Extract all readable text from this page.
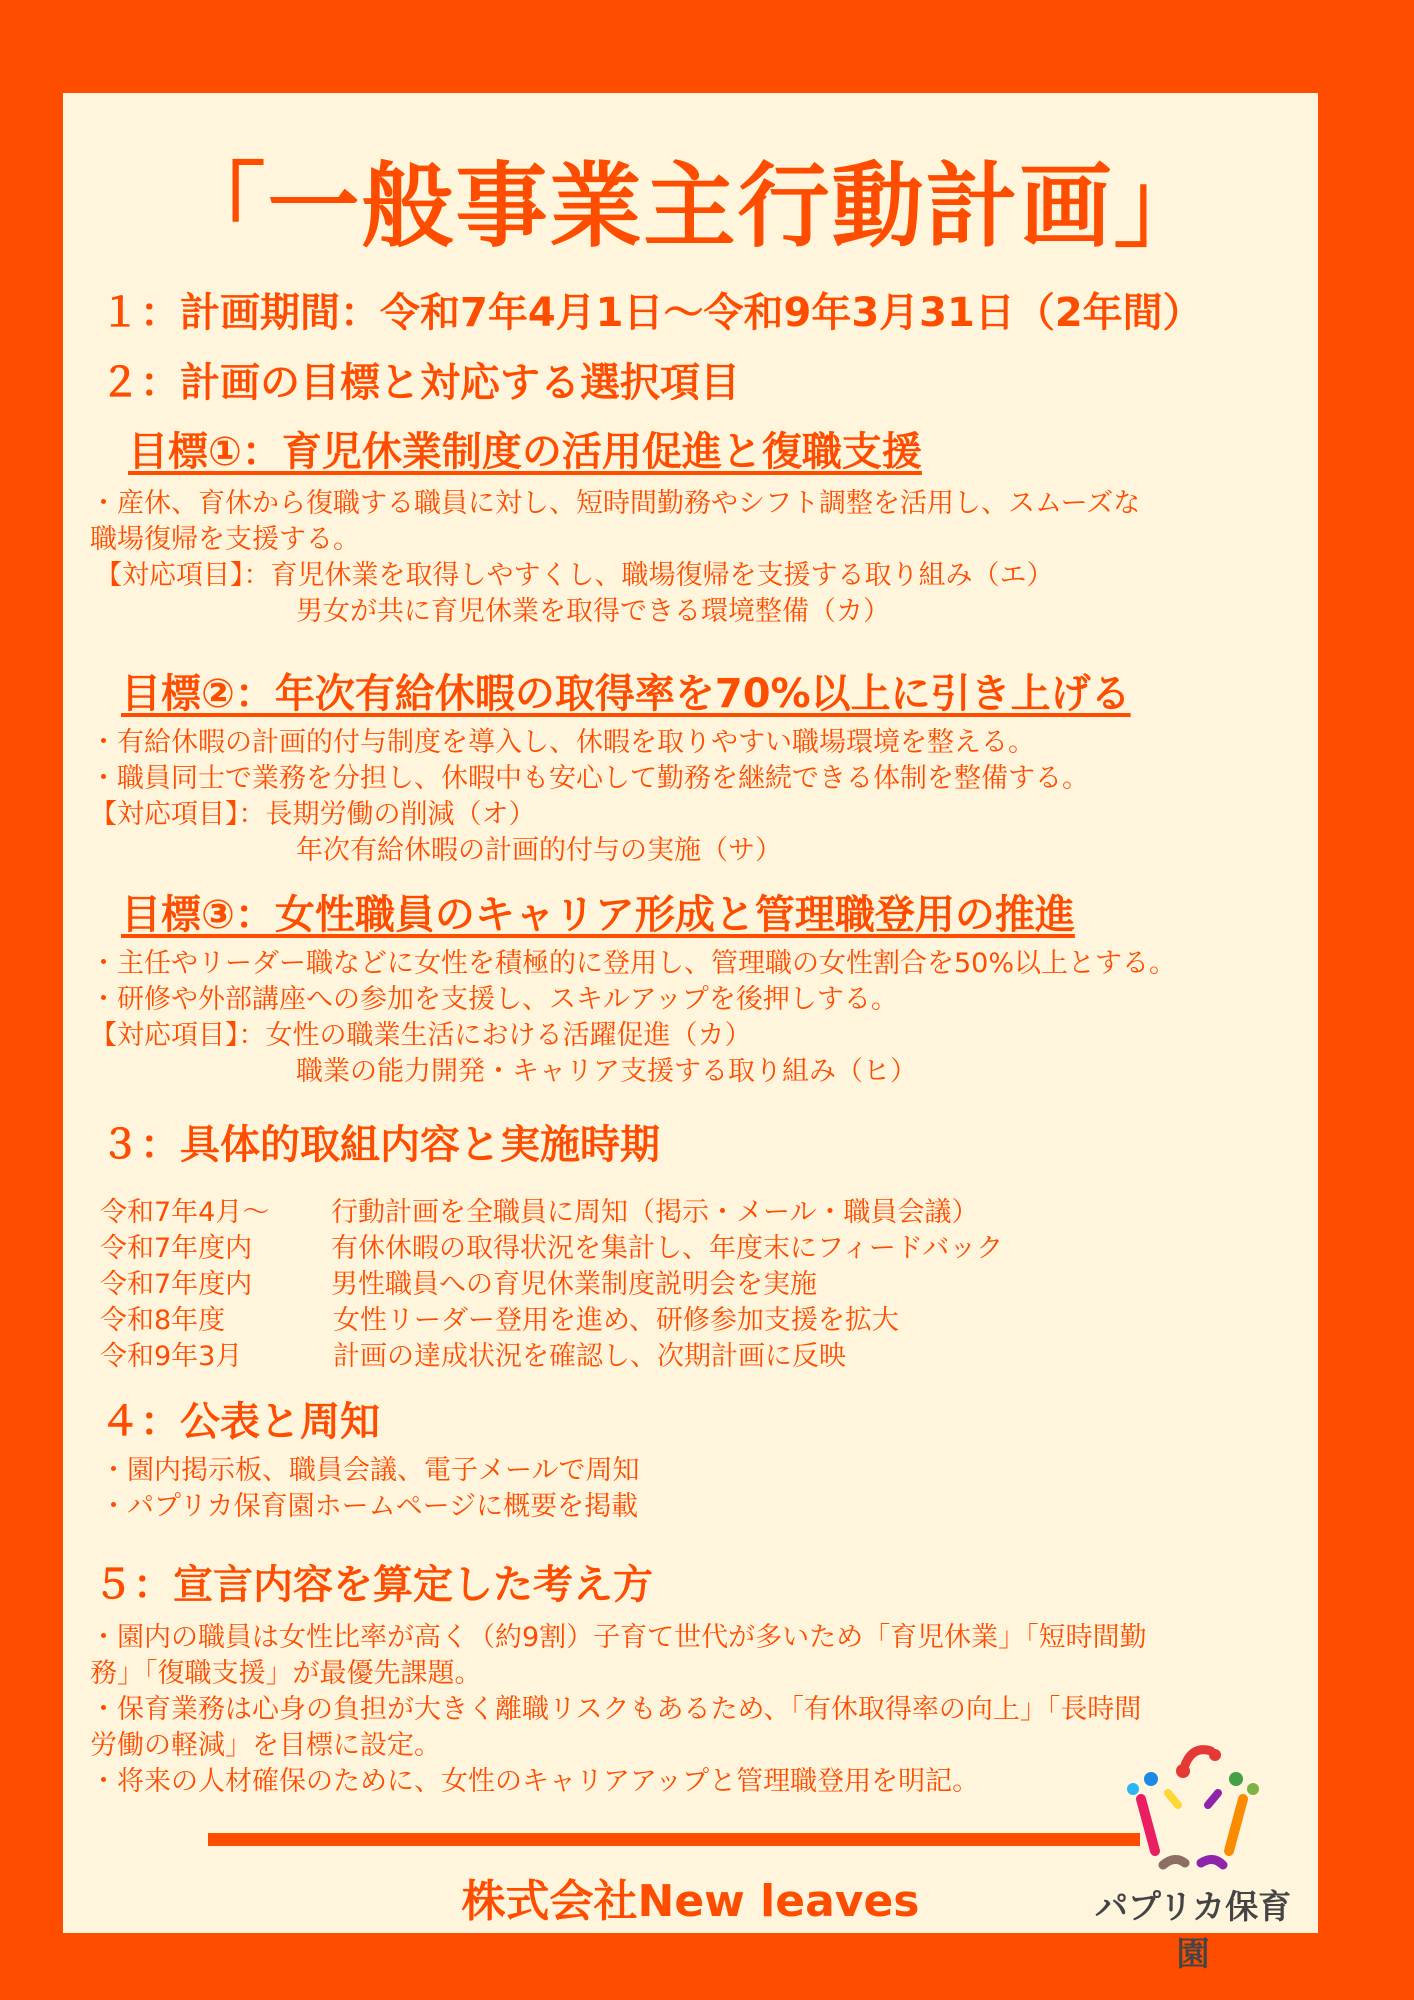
「一般事業主行動計画」
１：計画期間：令和7年4月1日～令和9年3月31日（2年間）
２：計画の目標と対応する選択項目
目標①：育児休業制度の活用促進と復職支援
・産休、育休から復職する職員に対し、短時間勤務やシフト調整を活用し、スムーズな
職場復帰を支援する。
【対応項目】：育児休業を取得しやすくし、職場復帰を支援する取り組み（エ）
男女が共に育児休業を取得できる環境整備（カ）
目標②：年次有給休暇の取得率を70%以上に引き上げる
・有給休暇の計画的付与制度を導入し、休暇を取りやすい職場環境を整える。
・職員同士で業務を分担し、休暇中も安心して勤務を継続できる体制を整備する。
【対応項目】：長期労働の削減（オ）
年次有給休暇の計画的付与の実施（サ）
目標③：女性職員のキャリア形成と管理職登用の推進
・主任やリーダー職などに女性を積極的に登用し、管理職の女性割合を50%以上とする。
・研修や外部講座への参加を支援し、スキルアップを後押しする。
【対応項目】：女性の職業生活における活躍促進（カ）
職業の能力開発・キャリア支援する取り組み（ヒ）
３：具体的取組内容と実施時期
令和7年4月～ 行動計画を全職員に周知（掲示・メール・職員会議）
令和7年度内	有休休暇の取得状況を集計し、年度末にフィードバック
令和7年度内	男性職員への育児休業制度説明会を実施
令和8年度	女性リーダー登用を進め、研修参加支援を拡大
令和9年3月	計画の達成状況を確認し、次期計画に反映
４：公表と周知
・園内掲示板、職員会議、電子メールで周知
・パプリカ保育園ホームページに概要を掲載
５：宣言内容を算定した考え方
・園内の職員は女性比率が高く（約9割）子育て世代が多いため「育児休業」「短時間勤
務」「復職支援」が最優先課題。
・保育業務は心身の負担が大きく離職リスクもあるため、「有休取得率の向上」「長時間
労働の軽減」を目標に設定。
・将来の人材確保のために、女性のキャリアアップと管理職登用を明記。
株式会社New leaves	パプリカ保育園
